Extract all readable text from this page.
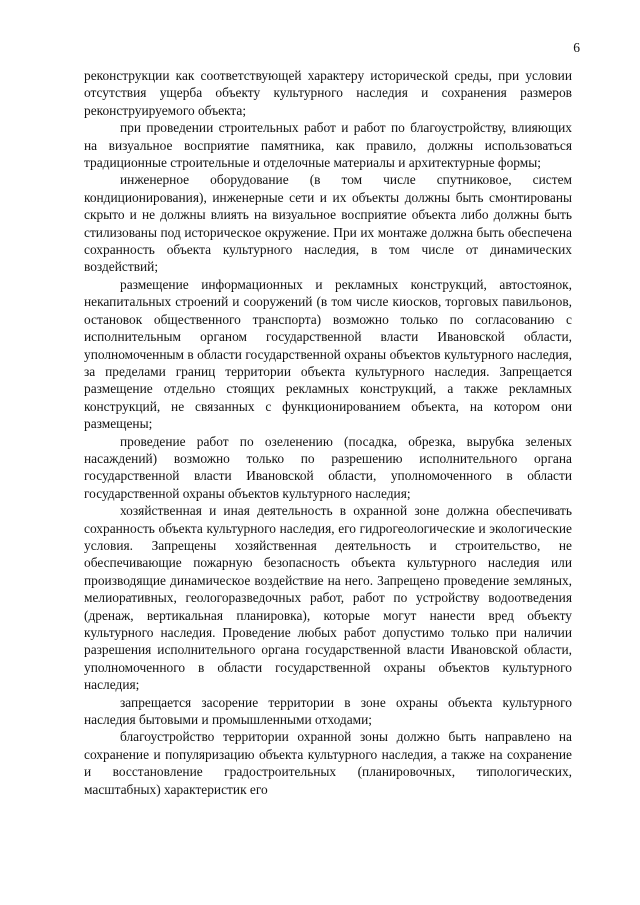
6

реконструкции как соответствующей характеру исторической среды, при условии отсутствия ущерба объекту культурного наследия и сохранения размеров реконструируемого объекта;

при проведении строительных работ и работ по благоустройству, влияющих на визуальное восприятие памятника, как правило, должны использоваться традиционные строительные и отделочные материалы и архитектурные формы;

инженерное оборудование (в том числе спутниковое, систем кондиционирования), инженерные сети и их объекты должны быть смонтированы скрыто и не должны влиять на визуальное восприятие объекта либо должны быть стилизованы под историческое окружение. При их монтаже должна быть обеспечена сохранность объекта культурного наследия, в том числе от динамических воздействий;

размещение информационных и рекламных конструкций, автостоянок, некапитальных строений и сооружений (в том числе киосков, торговых павильонов, остановок общественного транспорта) возможно только по согласованию с исполнительным органом государственной власти Ивановской области, уполномоченным в области государственной охраны объектов культурного наследия, за пределами границ территории объекта культурного наследия. Запрещается размещение отдельно стоящих рекламных конструкций, а также рекламных конструкций, не связанных с функционированием объекта, на котором они размещены;

проведение работ по озеленению (посадка, обрезка, вырубка зеленых насаждений) возможно только по разрешению исполнительного органа государственной власти Ивановской области, уполномоченного в области государственной охраны объектов культурного наследия;

хозяйственная и иная деятельность в охранной зоне должна обеспечивать сохранность объекта культурного наследия, его гидрогеологические и экологические условия. Запрещены хозяйственная деятельность и строительство, не обеспечивающие пожарную безопасность объекта культурного наследия или производящие динамическое воздействие на него. Запрещено проведение земляных, мелиоративных, геологоразведочных работ, работ по устройству водоотведения (дренаж, вертикальная планировка), которые могут нанести вред объекту культурного наследия. Проведение любых работ допустимо только при наличии разрешения исполнительного органа государственной власти Ивановской области, уполномоченного в области государственной охраны объектов культурного наследия;

запрещается засорение территории в зоне охраны объекта культурного наследия бытовыми и промышленными отходами;

благоустройство территории охранной зоны должно быть направлено на сохранение и популяризацию объекта культурного наследия, а также на сохранение и восстановление градостроительных (планировочных, типологических, масштабных) характеристик его
